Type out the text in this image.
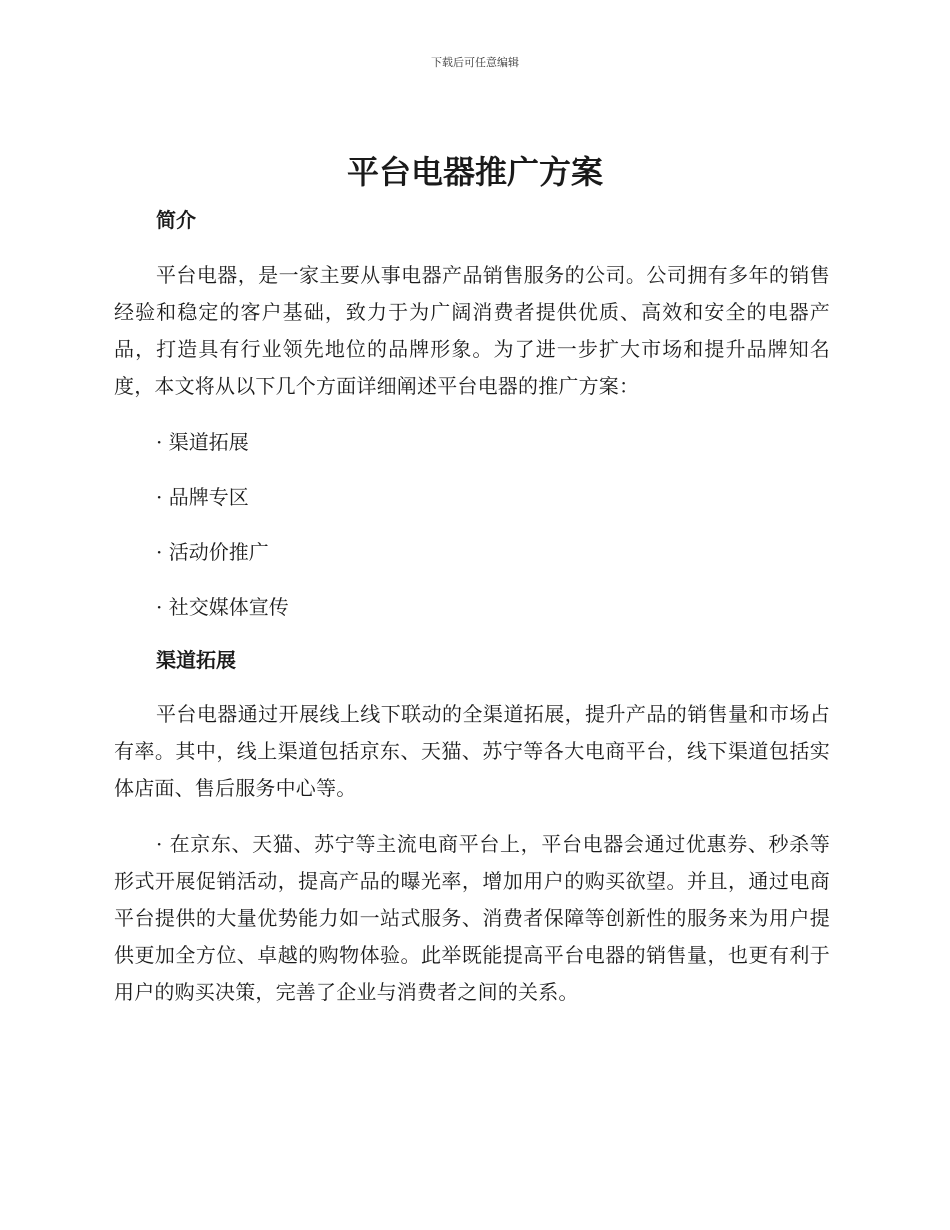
下载后可任意编辑
平台电器推广方案
简介

平台电器，是一家主要从事电器产品销售服务的公司。公司拥有多年的销售经验和稳定的客户基础，致力于为广阔消费者提供优质、高效和安全的电器产品，打造具有行业领先地位的品牌形象。为了进一步扩大市场和提升品牌知名度，本文将从以下几个方面详细阐述平台电器的推广方案：

· 渠道拓展
· 品牌专区
· 活动价推广
· 社交媒体宣传
渠道拓展

平台电器通过开展线上线下联动的全渠道拓展，提升产品的销售量和市场占有率。其中，线上渠道包括京东、天猫、苏宁等各大电商平台，线下渠道包括实体店面、售后服务中心等。

· 在京东、天猫、苏宁等主流电商平台上，平台电器会通过优惠券、秒杀等形式开展促销活动，提高产品的曝光率，增加用户的购买欲望。并且，通过电商平台提供的大量优势能力如一站式服务、消费者保障等创新性的服务来为用户提供更加全方位、卓越的购物体验。此举既能提高平台电器的销售量，也更有利于用户的购买决策，完善了企业与消费者之间的关系。
